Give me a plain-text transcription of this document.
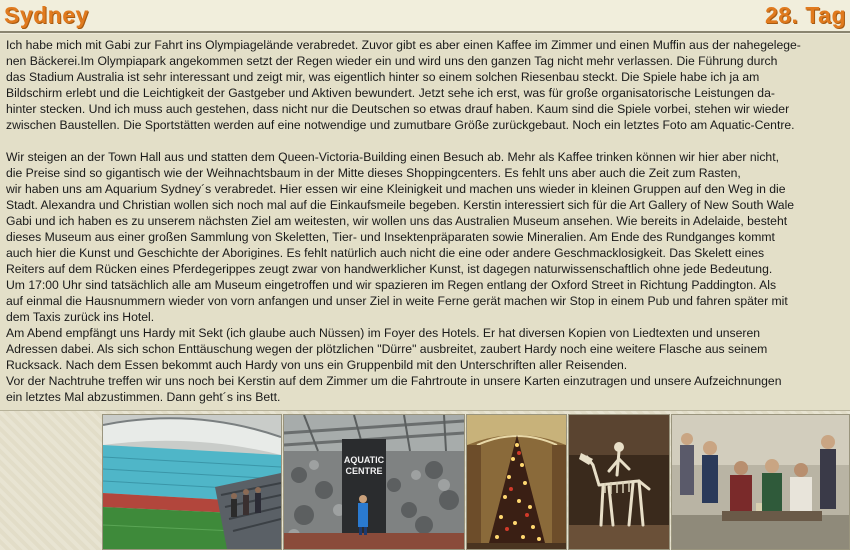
Sydney	28. Tag
Ich habe mich mit Gabi zur Fahrt ins Olympiagelände verabredet. Zuvor gibt es aber einen Kaffee im Zimmer und einen Muffin aus der nahegelege-
nen Bäckerei.Im Olympiapark angekommen setzt der Regen wieder ein und wird uns den ganzen Tag nicht mehr verlassen. Die Führung durch
das Stadium Australia ist sehr interessant und zeigt mir, was eigentlich hinter so einem solchen Riesenbau steckt. Die Spiele habe ich ja am
Bildschirm erlebt und die Leichtigkeit der Gastgeber und Aktiven bewundert. Jetzt sehe ich erst, was für große organisatorische Leistungen da-
hinter stecken. Und ich muss auch gestehen, dass nicht nur die Deutschen so etwas drauf haben. Kaum sind die Spiele vorbei, stehen wir wieder
zwischen Baustellen. Die Sportstätten werden auf eine notwendige und zumutbare Größe zurückgebaut. Noch ein letztes Foto am Aquatic-Centre.

Wir steigen an der Town Hall aus und statten dem Queen-Victoria-Building einen Besuch ab. Mehr als Kaffee trinken können wir hier aber nicht,
die Preise sind so gigantisch wie der Weihnachtsbaum in der Mitte dieses Shoppingcenters. Es fehlt uns aber auch die Zeit zum Rasten,
wir haben uns am Aquarium Sydney´s verabredet. Hier essen wir eine Kleinigkeit und machen uns wieder in kleinen Gruppen auf den Weg in die
Stadt. Alexandra und Christian wollen sich noch mal auf die Einkaufsmeile begeben. Kerstin interessiert sich für die Art Gallery of New South Wale
Gabi und ich haben es zu unserem nächsten Ziel am weitesten, wir wollen uns das Australien Museum ansehen. Wie bereits in Adelaide, besteht
dieses Museum aus einer großen Sammlung von Skeletten, Tier- und Insektenpräparaten sowie Mineralien. Am Ende des Rundganges kommt
auch hier die Kunst und Geschichte der Aborigines. Es fehlt natürlich auch nicht die eine oder andere Geschmacklosigkeit. Das Skelett eines
Reiters auf dem Rücken eines Pferdegerippes zeugt zwar von handwerklicher Kunst, ist dagegen naturwissenschaftlich ohne jede Bedeutung.
Um 17:00 Uhr sind tatsächlich alle am Museum eingetroffen und wir spazieren im Regen entlang der Oxford Street in Richtung Paddington. Als
auf einmal die Hausnummern wieder von vorn anfangen und unser Ziel in weite Ferne gerät machen wir Stop in einem Pub und fahren später mit
dem Taxis zurück ins Hotel.
Am Abend empfängt uns Hardy mit Sekt (ich glaube auch Nüssen) im Foyer des Hotels. Er hat diversen Kopien von Liedtexten und unseren
Adressen dabei. Als sich schon Enttäuschung wegen der plötzlichen "Dürre" ausbreitet, zaubert Hardy noch eine weitere Flasche aus seinem
Rucksack. Nach dem Essen bekommt auch Hardy von uns ein Gruppenbild mit den Unterschriften aller Reisenden.
Vor der Nachtruhe treffen wir uns noch bei Kerstin auf dem Zimmer um die Fahrtroute in unsere Karten einzutragen und unsere Aufzeichnungen
ein letztes Mal abzustimmen. Dann geht´s ins Bett.
AQUATIC
CENTRE
